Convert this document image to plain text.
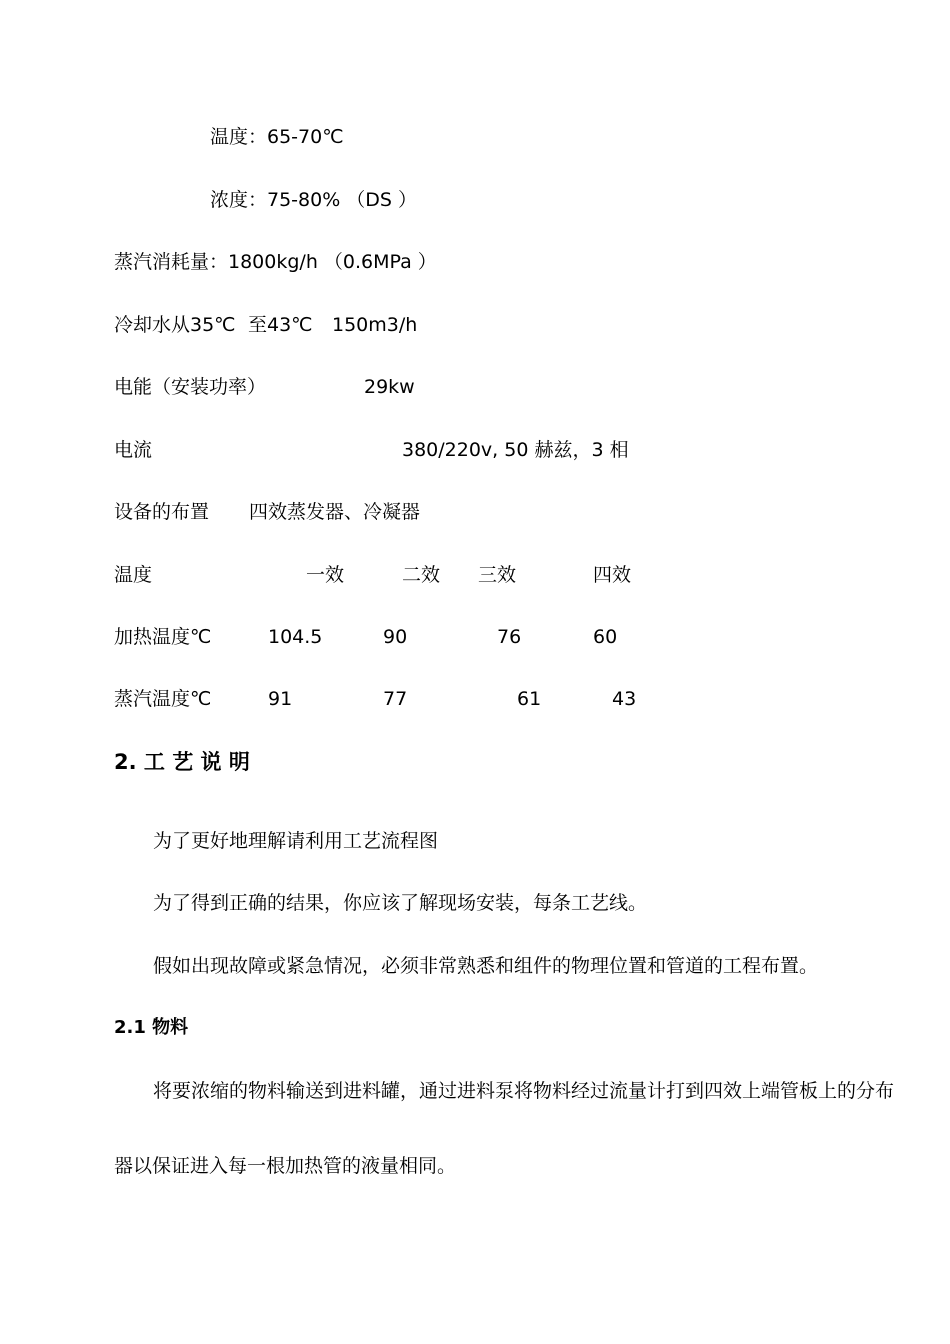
温度：65-70℃
浓度：75-80% （DS ）
蒸汽消耗量：1800kg/h （0.6MPa ）
冷却水从35℃ 至43℃ 150m3/h
电能（安装功率）	29kw
电流	380/220v, 50 赫兹，3 相
设备的布置 四效蒸发器、冷凝器
温度	一效	二效 三效	四效
加热温度℃	104.5	90	76	60
蒸汽温度℃	91	77	61	43
2. 工 艺 说 明
为了更好地理解请利用工艺流程图
为了得到正确的结果，你应该了解现场安装，每条工艺线。
假如出现故障或紧急情况，必须非常熟悉和组件的物理位置和管道的工程布置。
2.1 物料
将要浓缩的物料输送到进料罐，通过进料泵将物料经过流量计打到四效上端管板上的分布
器以保证进入每一根加热管的液量相同。
